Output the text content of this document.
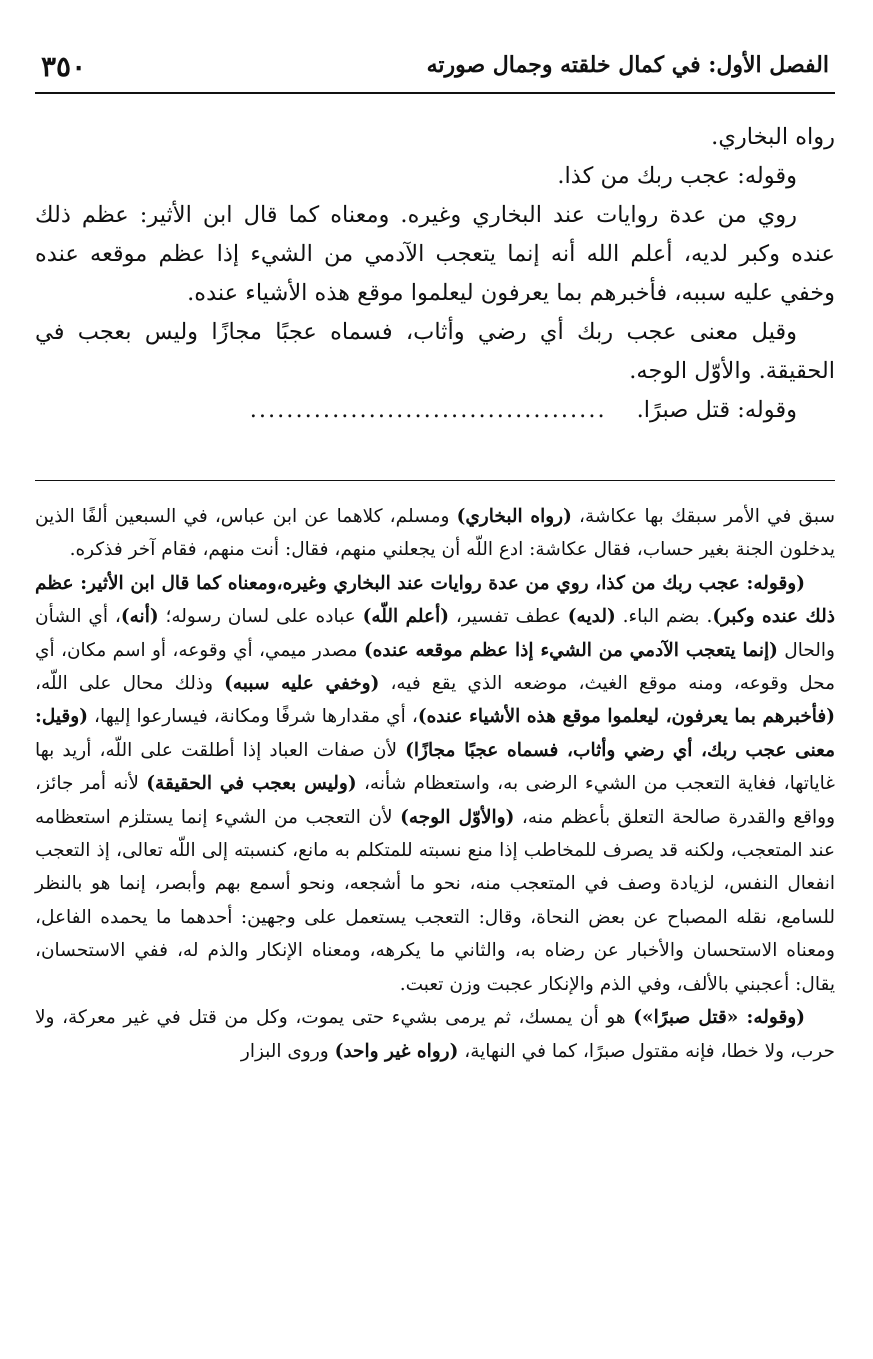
الفصل الأول: في كمال خلقته وجمال صورته
٣٥٠

رواه البخاري.

وقوله: عجب ربك من كذا.

روي من عدة روايات عند البخاري وغيره. ومعناه كما قال ابن الأثير: عظم ذلك عنده وكبر لديه، أعلم الله أنه إنما يتعجب الآدمي من الشيء إذا عظم موقعه عنده وخفي عليه سببه، فأخبرهم بما يعرفون ليعلموا موقع هذه الأشياء عنده.

وقيل معنى عجب ربك أي رضي وأثاب، فسماه عجبًا مجازًا وليس بعجب في الحقيقة. والأوّل الوجه.

وقوله: قتل صبرًا........................................

سبق في الأمر سبقك بها عكاشة، (رواه البخاري) ومسلم، كلاهما عن ابن عباس، في السبعين ألفًا الذين يدخلون الجنة بغير حساب، فقال عكاشة: ادع اللّه أن يجعلني منهم، فقال: أنت منهم، فقام آخر فذكره.

(وقوله: عجب ربك من كذا، روي من عدة روايات عند البخاري وغيره،ومعناه كما قال ابن الأثير: عظم ذلك عنده وكبر). بضم الباء. (لديه) عطف تفسير، (أعلم اللّه) عباده على لسان رسوله؛ (أنه)، أي الشأن والحال (إنما يتعجب الآدمي من الشيء إذا عظم موقعه عنده) مصدر ميمي، أي وقوعه، أو اسم مكان، أي محل وقوعه، ومنه موقع الغيث، موضعه الذي يقع فيه، (وخفي عليه سببه) وذلك محال على اللّه، (فأخبرهم بما يعرفون، ليعلموا موقع هذه الأشياء عنده)، أي مقدارها شرفًا ومكانة، فيسارعوا إليها، (وقيل: معنى عجب ربك، أي رضي وأثاب، فسماه عجبًا مجازًا) لأن صفات العباد إذا أطلقت على اللّه، أريد بها غاياتها، فغاية التعجب من الشيء الرضى به، واستعظام شأنه، (وليس بعجب في الحقيقة) لأنه أمر جائز، وواقع والقدرة صالحة التعلق بأعظم منه، (والأوّل الوجه) لأن التعجب من الشيء إنما يستلزم استعظامه عند المتعجب، ولكنه قد يصرف للمخاطب إذا منع نسبته للمتكلم به مانع، كنسبته إلى اللّه تعالى، إذ التعجب انفعال النفس، لزيادة وصف في المتعجب منه، نحو ما أشجعه، ونحو أسمع بهم وأبصر، إنما هو بالنظر للسامع، نقله المصباح عن بعض النحاة، وقال: التعجب يستعمل على وجهين: أحدهما ما يحمده الفاعل، ومعناه الاستحسان والأخبار عن رضاه به، والثاني ما يكرهه، ومعناه الإنكار والذم له، ففي الاستحسان، يقال: أعجبني بالألف، وفي الذم والإنكار عجبت وزن تعبت.

(وقوله: «قتل صبرًا») هو أن يمسك، ثم يرمى بشيء حتى يموت، وكل من قتل في غير معركة، ولا حرب، ولا خطا، فإنه مقتول صبرًا، كما في النهاية، (رواه غير واحد) وروى البزار
